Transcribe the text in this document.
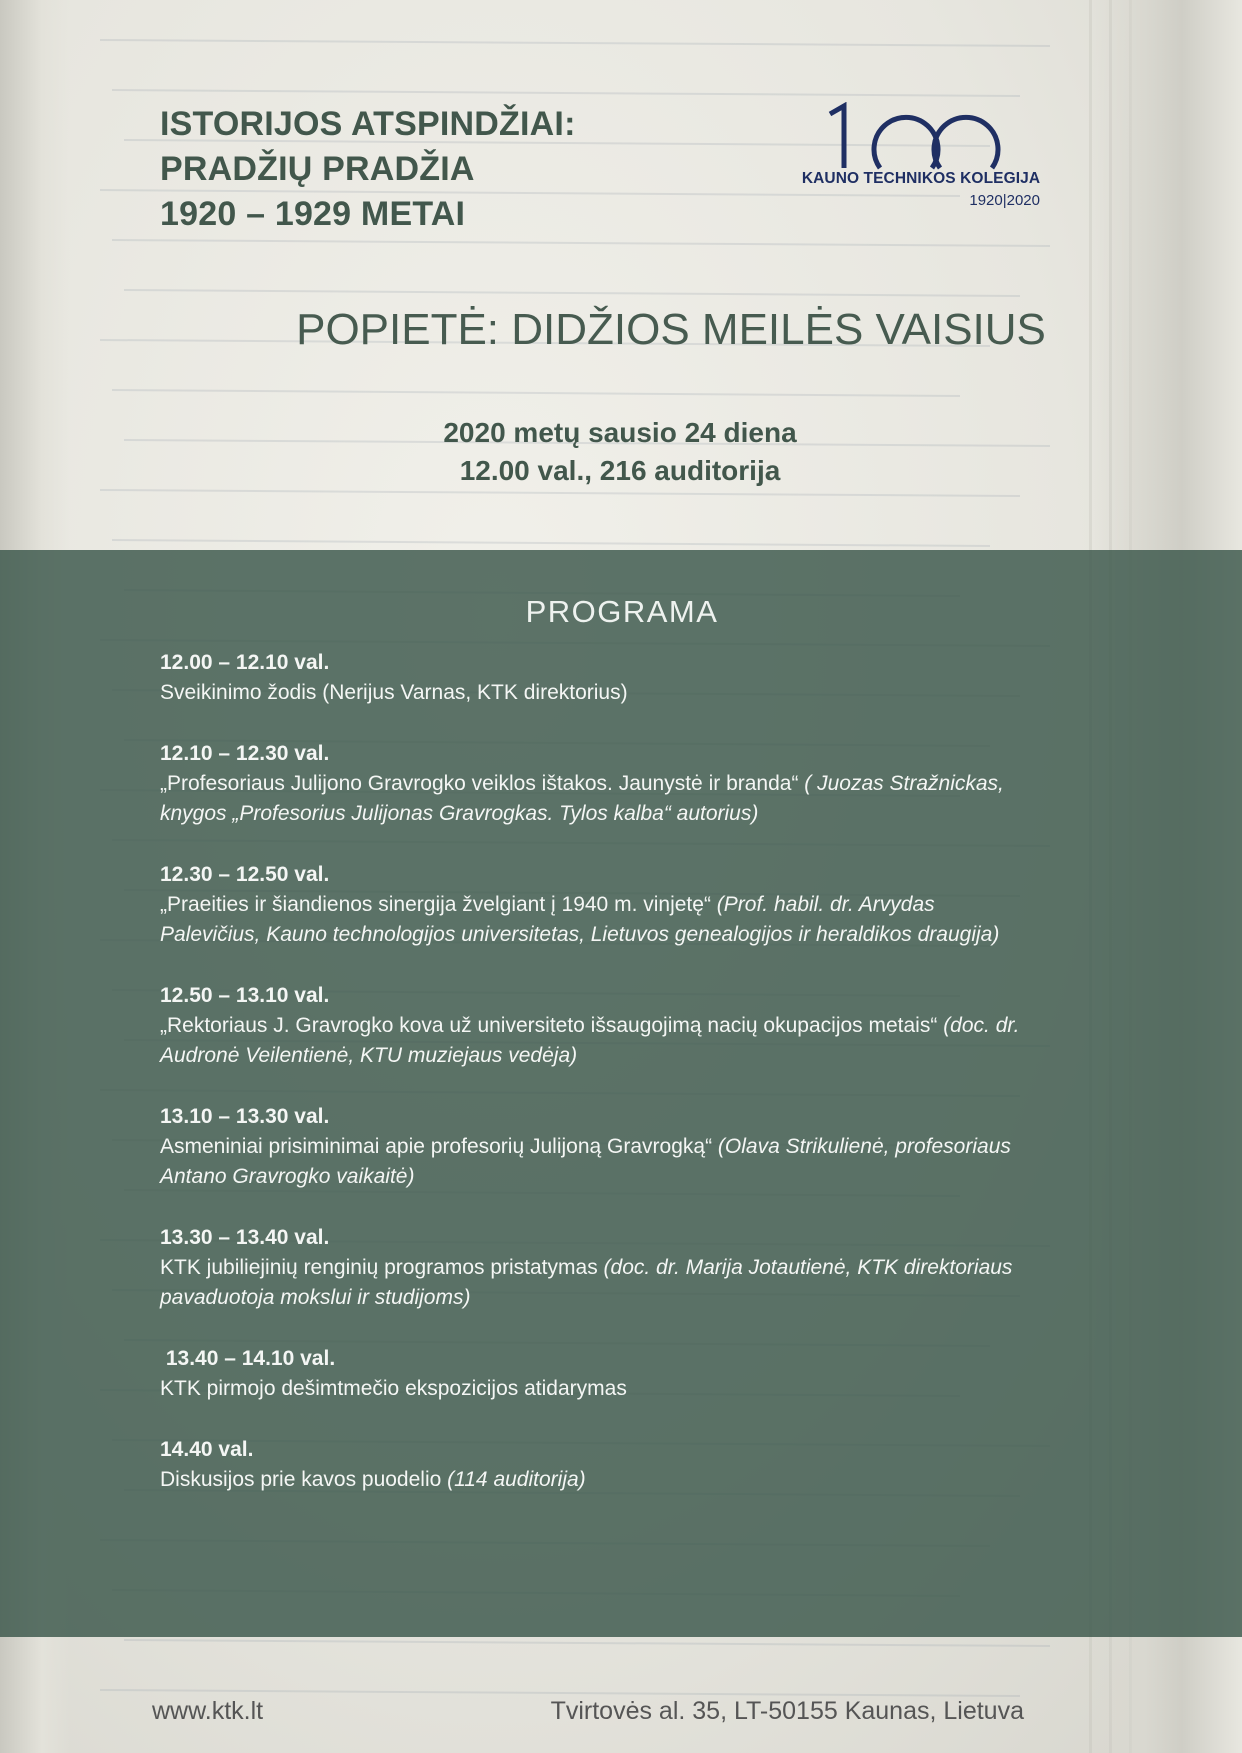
ISTORIJOS ATSPINDŽIAI:
PRADŽIŲ PRADŽIA
1920 – 1929 METAI
KAUNO TECHNIKOS KOLEGIJA
1920|2020
POPIETĖ: DIDŽIOS MEILĖS VAISIUS
2020 metų sausio 24 diena
12.00 val., 216 auditorija
PROGRAMA
12.00 – 12.10 val.
Sveikinimo žodis (Nerijus Varnas, KTK direktorius)
12.10 – 12.30 val.
„Profesoriaus Julijono Gravrogko veiklos ištakos. Jaunystė ir branda“ ( Juozas Stražnickas, knygos „Profesorius Julijonas Gravrogkas. Tylos kalba“ autorius)
12.30 – 12.50 val.
„Praeities ir šiandienos sinergija žvelgiant į 1940 m. vinjetę“ (Prof. habil. dr. Arvydas Palevičius, Kauno technologijos universitetas, Lietuvos genealogijos ir heraldikos draugija)
12.50 – 13.10 val.
„Rektoriaus J. Gravrogko kova už universiteto išsaugojimą nacių okupacijos metais“ (doc. dr. Audronė Veilentienė, KTU muziejaus vedėja)
13.10 – 13.30 val.
Asmeniniai prisiminimai apie profesorių Julijoną Gravrogką“ (Olava Strikulienė, profesoriaus Antano Gravrogko vaikaitė)
13.30 – 13.40 val.
KTK jubiliejinių renginių programos pristatymas (doc. dr. Marija Jotautienė, KTK direktoriaus pavaduotoja mokslui ir studijoms)
13.40 – 14.10 val.
KTK pirmojo dešimtmečio ekspozicijos atidarymas
14.40 val.
Diskusijos prie kavos puodelio (114 auditorija)
www.ktk.lt	Tvirtovės al. 35, LT-50155 Kaunas, Lietuva
